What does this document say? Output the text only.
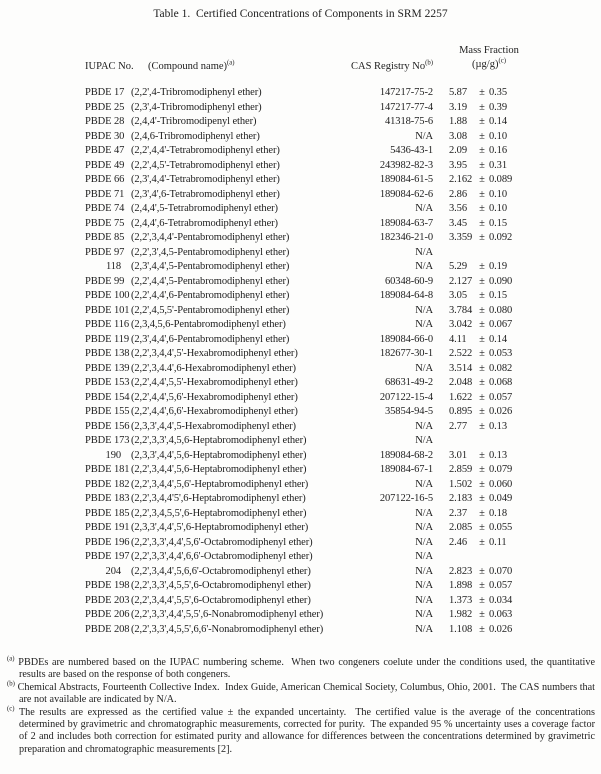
Table 1.  Certified Concentrations of Components in SRM 2257
IUPAC No. (Compound name)$^{(a)}$	CAS Registry No$^{(b)}$
Mass Fraction
$(\mu g/g)^{(c)}$
PBDE 17 (2,2',4-Tribromodiphenyl ether)	147217-75-2 5.87	± 0.35
PBDE 25 (2,3',4-Tribromodiphenyl ether)	147217-77-4 3.19	± 0.39
PBDE 28 (2,4,4'-Tribromodipenyl ether)	41318-75-6 1.88	± 0.14
PBDE 30 (2,4,6-Tribromodiphenyl ether)	N/A 3.08	± 0.10
PBDE 47 (2,2',4,4'-Tetrabromodiphenyl ether)	5436-43-1 2.09	± 0.16
PBDE 49 (2,2',4,5'-Tetrabromodiphenyl ether)	243982-82-3 3.95	± 0.31
PBDE 66 (2,3',4,4'-Tetrabromodiphenyl ether)	189084-61-5 2.162 ± 0.089
PBDE 71 (2,3',4',6-Tetrabromodiphenyl ether)	189084-62-6 2.86	± 0.10
PBDE 74 (2,4,4',5-Tetrabromodiphenyl ether)	N/A 3.56	± 0.10
PBDE 75 (2,4,4',6-Tetrabromodiphenyl ether)	189084-63-7 3.45	± 0.15
PBDE 85 (2,2',3,4,4'-Pentabromodiphenyl ether)	182346-21-0 3.359 ± 0.092
PBDE 97 (2,2',3',4,5-Pentabromodiphenyl ether)	N/A
118 (2,3',4,4',5-Pentabromodiphenyl ether)	N/A 5.29	± 0.19
PBDE 99 (2,2',4,4',5-Pentabromodiphenyl ether)	60348-60-9 2.127 ± 0.090
PBDE 100 (2,2',4,4',6-Pentabromodiphenyl ether)	189084-64-8 3.05	± 0.15
PBDE 101 (2,2',4,5,5'-Pentabromodiphenyl ether)	N/A 3.784 ± 0.080
PBDE 116 (2,3,4,5,6-Pentabromodiphenyl ether)	N/A 3.042 ± 0.067
PBDE 119 (2,3',4,4',6-Pentabromodiphenyl ether)	189084-66-0 4.11	± 0.14
PBDE 138 (2,2',3,4,4',5'-Hexabromodiphenyl ether)	182677-30-1 2.522 ± 0.053
PBDE 139 (2,2',3,4.4',6-Hexabromodiphenyl ether)	N/A 3.514 ± 0.082
PBDE 153 (2,2',4,4',5,5'-Hexabromodiphenyl ether)	68631-49-2 2.048 ± 0.068
PBDE 154 (2,2',4,4',5,6'-Hexabromodiphenyl ether)	207122-15-4 1.622 ± 0.057
PBDE 155 (2,2',4,4',6,6'-Hexabromodiphenyl ether)	35854-94-5 0.895 ± 0.026
PBDE 156 (2,3,3',4,4',5-Hexabromodiphenyl ether)	N/A 2.77	± 0.13
PBDE 173 (2,2',3,3',4,5,6-Heptabromodiphenyl ether)	N/A
190 (2,3,3',4,4',5,6-Heptabromodiphenyl ether)	189084-68-2 3.01	± 0.13
PBDE 181 (2,2',3,4,4',5,6-Heptabromodiphenyl ether)	189084-67-1 2.859 ± 0.079
PBDE 182 (2,2',3,4,4',5,6'-Heptabromodiphenyl ether)	N/A 1.502 ± 0.060
PBDE 183 (2,2',3,4,4'5',6-Heptabromodiphenyl ether)	207122-16-5 2.183 ± 0.049
PBDE 185 (2,2',3,4,5,5',6-Heptabromodiphenyl ether)	N/A 2.37	± 0.18
PBDE 191 (2,3,3',4,4',5',6-Heptabromodiphenyl ether)	N/A 2.085 ± 0.055
PBDE 196 (2,2',3,3',4,4',5,6'-Octabromodiphenyl ether)	N/A 2.46	± 0.11
PBDE 197 (2,2',3,3',4,4',6,6'-Octabromodiphenyl ether)	N/A
204 (2,2',3,4,4',5,6,6'-Octabromodiphenyl ether)	N/A 2.823 ± 0.070
PBDE 198 (2,2',3,3',4,5,5',6-Octabromodiphenyl ether)	N/A 1.898 ± 0.057
PBDE 203 (2,2',3,4,4',5,5',6-Octabromodiphenyl ether)	N/A 1.373 ± 0.034
PBDE 206 (2,2',3,3',4,4',5,5',6-Nonabromodiphenyl ether)	N/A 1.982 ± 0.063
PBDE 208 (2,2',3,3',4,5,5',6,6'-Nonabromodiphenyl ether)	N/A 1.108 ± 0.026
$^{(a)}$ PBDEs are numbered based on the IUPAC numbering scheme.  When two congeners coelute under the conditions used, the quantitative results are based on the response of both congeners.
$^{(b)}$ Chemical Abstracts, Fourteenth Collective Index.  Index Guide, American Chemical Society, Columbus, Ohio, 2001.  The CAS numbers that are not available are indicated by N/A.
$^{(c)}$ The results are expressed as the certified value ± the expanded uncertainty.  The certified value is the average of the concentrations determined by gravimetric and chromatographic measurements, corrected for purity.  The expanded 95 % uncertainty uses a coverage factor of 2 and includes both correction for estimated purity and allowance for differences between the concentrations determined by gravimetric preparation and chromatographic measurements [2].
